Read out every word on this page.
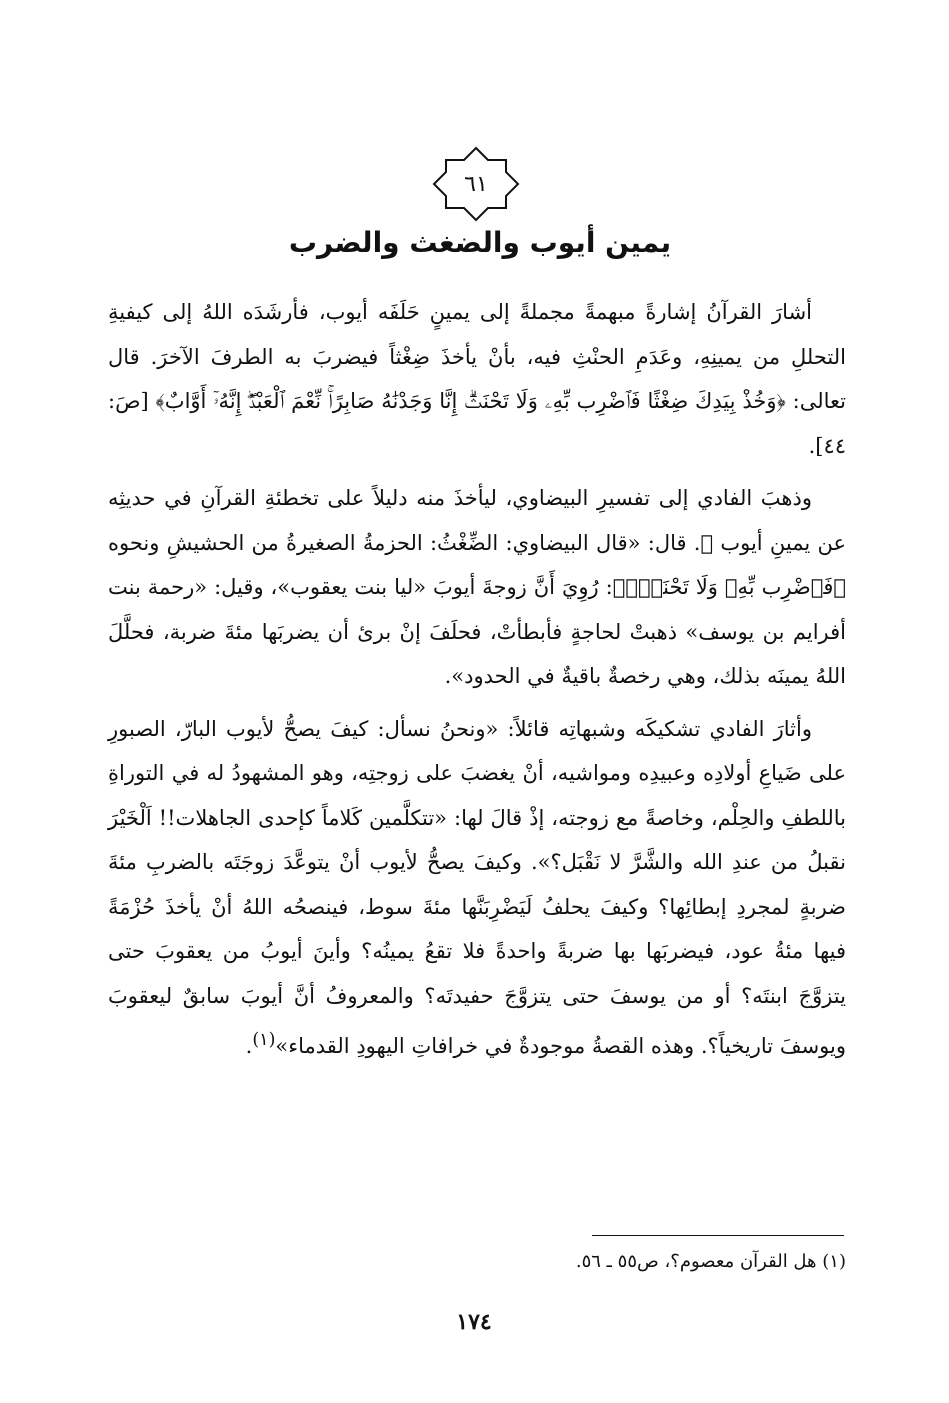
٦١
يمين أيوب والضغث والضرب

أشارَ القرآنُ إشارةً مبهمةً مجملةً إلى يمينٍ حَلَفَه أيوب، فأرشَدَه اللهُ إلى كيفيةِ التحللِ من يمينِهِ، وعَدَمِ الحنْثِ فيه، بأنْ يأخذَ ضِغْثاً فيضربَ به الطرفَ الآخرَ. قال تعالى: ﴿وَخُذْ بِيَدِكَ ضِغْثًا فَٱضْرِب بِّهِۦ وَلَا تَحْنَثْۗ إِنَّا وَجَدْنَٰهُ صَابِرًاۚ نِّعْمَ ٱلْعَبْدُۖ إِنَّهُۥٓ أَوَّابٌ﴾ [صَ: ٤٤].

وذهبَ الفادي إلى تفسيرِ البيضاوي، ليأخذَ منه دليلاً على تخطئةِ القرآنِ في حديثِه عن يمينِ أيوب ﷺ. قال: «قال البيضاوي: الضِّغْثُ: الحزمةُ الصغيرةُ من الحشيشِ ونحوه ﴿فَٱضْرِب بِّهِۦ وَلَا تَحْنَثْۗ﴾: رُوِيَ أَنَّ زوجةَ أيوبَ «ليا بنت يعقوب»، وقيل: «رحمة بنت أفرايم بن يوسف» ذهبتْ لحاجةٍ فأبطأتْ، فحلَفَ إنْ برئ أن يضربَها مئةَ ضربة، فحلَّلَ اللهُ يمينَه بذلك، وهي رخصةٌ باقيةٌ في الحدود».

وأثارَ الفادي تشكيكَه وشبهاتِه قائلاً: «ونحنُ نسأل: كيفَ يصحُّ لأيوب البارّ، الصبورِ على ضَياعِ أولادِه وعبيدِه ومواشيه، أنْ يغضبَ على زوجتِه، وهو المشهودُ له في التوراةِ باللطفِ والحِلْم، وخاصةً مع زوجته، إذْ قالَ لها: «تتكلَّمين كَلاماً كإحدى الجاهلات!! اَلْخَيْرَ نقبلُ من عندِ الله والشَّرَّ لا نَقْبَل؟». وكيفَ يصحُّ لأيوب أنْ يتوعَّدَ زوجَتَه بالضربِ مئةَ ضربةٍ لمجردِ إبطائِها؟ وكيفَ يحلفُ لَيَضْرِبَنَّها مئةَ سوط، فينصحُه اللهُ أنْ يأخذَ حُزْمَةً فيها مئةُ عود، فيضربَها بها ضربةً واحدةً فلا تقعُ يمينُه؟ وأينَ أيوبُ من يعقوبَ حتى يتزوَّجَ ابنتَه؟ أو من يوسفَ حتى يتزوَّجَ حفيدتَه؟ والمعروفُ أنَّ أيوبَ سابقٌ ليعقوبَ ويوسفَ تاريخياً؟. وهذه القصةُ موجودةٌ في خرافاتِ اليهودِ القدماء»$^{(١)}$.

(١) هل القرآن معصوم؟، ص٥٥ ـ ٥٦.
١٧٤
